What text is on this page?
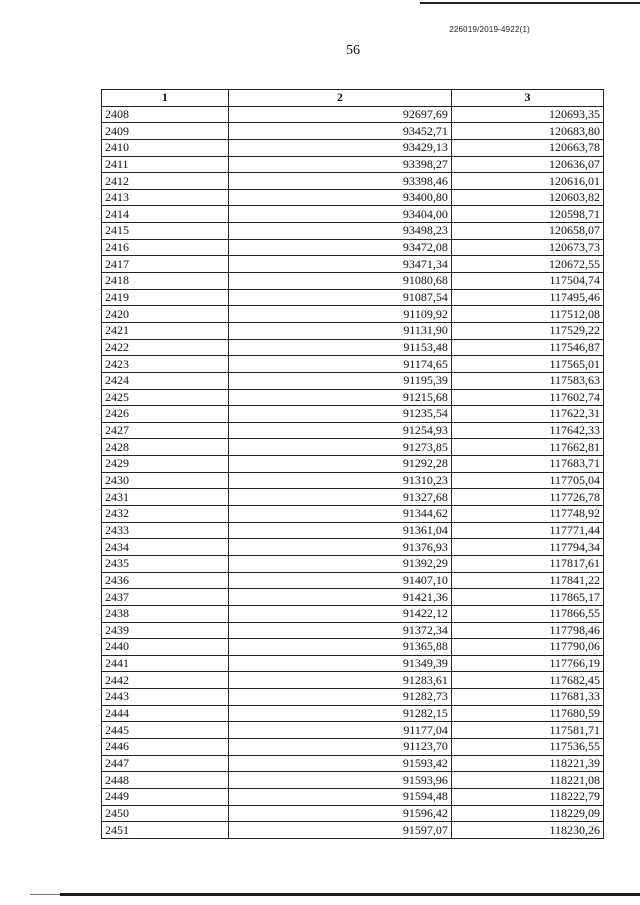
226019/2019-4922(1)
56
1	2	3
2408	92697,69	120693,35
2409	93452,71	120683,80
2410	93429,13	120663,78
2411	93398,27	120636,07
2412	93398,46	120616,01
2413	93400,80	120603,82
2414	93404,00	120598,71
2415	93498,23	120658,07
2416	93472,08	120673,73
2417	93471,34	120672,55
2418	91080,68	117504,74
2419	91087,54	117495,46
2420	91109,92	117512,08
2421	91131,90	117529,22
2422	91153,48	117546,87
2423	91174,65	117565,01
2424	91195,39	117583,63
2425	91215,68	117602,74
2426	91235,54	117622,31
2427	91254,93	117642,33
2428	91273,85	117662,81
2429	91292,28	117683,71
2430	91310,23	117705,04
2431	91327,68	117726,78
2432	91344,62	117748,92
2433	91361,04	117771,44
2434	91376,93	117794,34
2435	91392,29	117817,61
2436	91407,10	117841,22
2437	91421,36	117865,17
2438	91422,12	117866,55
2439	91372,34	117798,46
2440	91365,88	117790,06
2441	91349,39	117766,19
2442	91283,61	117682,45
2443	91282,73	117681,33
2444	91282,15	117680,59
2445	91177,04	117581,71
2446	91123,70	117536,55
2447	91593,42	118221,39
2448	91593,96	118221,08
2449	91594,48	118222,79
2450	91596,42	118229,09
2451	91597,07	118230,26
